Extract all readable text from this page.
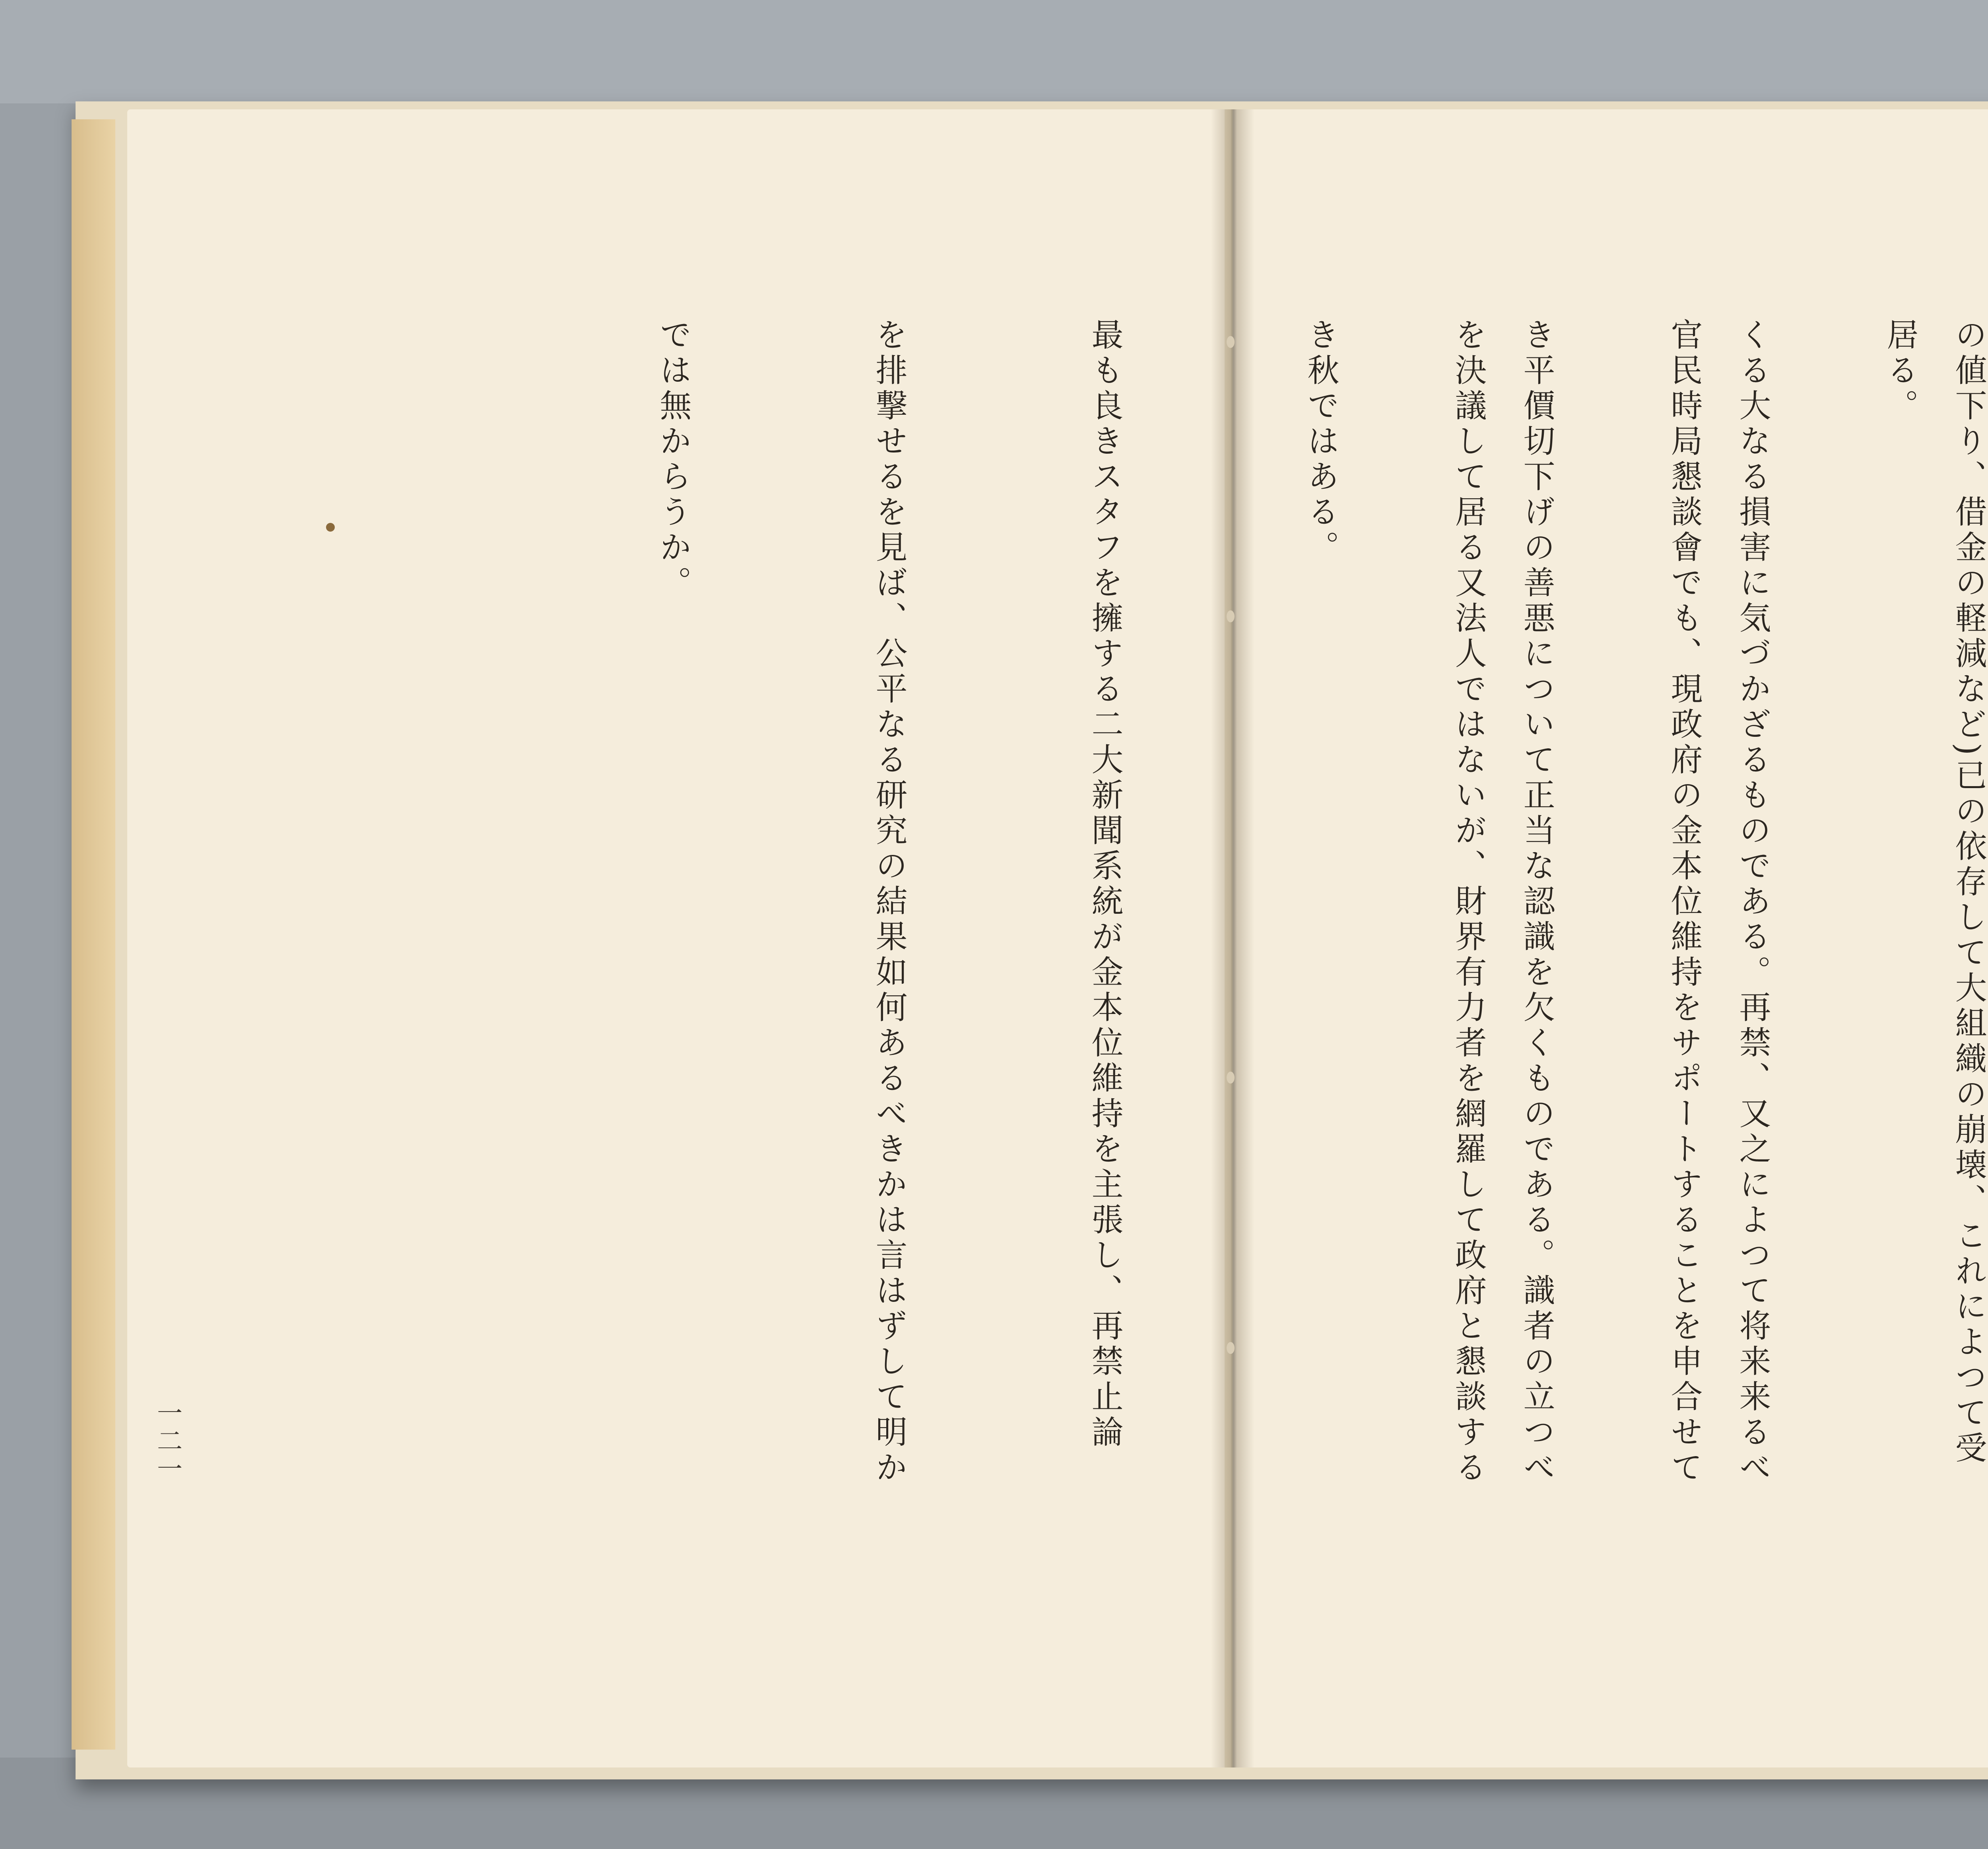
の値下り、借金の軽減など)已の依存して大組織の崩壊、これによつて受

くる大なる損害に気づかざるものである。再禁、又之によつて将来来るべ

き平價切下げの善悪について正当な認識を欠くものである。識者の立つべ

き秋ではある。

最も良きスタフを擁する二大新聞系統が金本位維持を主張し、再禁止論

を排撃せるを見ば、公平なる研究の結果如何あるべきかは言はずして明か

では無からうか。

	居る。

官民時局懇談會でも、現政府の金本位維持をサポートすることを申合せて

を決議して居る又法人ではないが、財界有力者を網羅して政府と懇談する

一二一
